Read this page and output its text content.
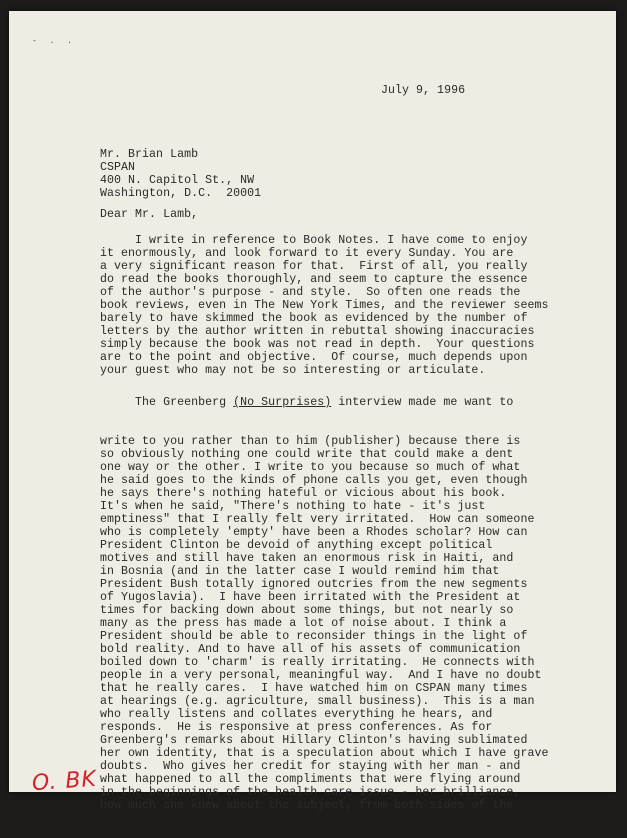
- . .
July 9, 1996
Mr. Brian Lamb
CSPAN
400 N. Capitol St., NW
Washington, D.C.  20001
Dear Mr. Lamb,
I write in reference to Book Notes. I have come to enjoy
it enormously, and look forward to it every Sunday. You are
a very significant reason for that.  First of all, you really
do read the books thoroughly, and seem to capture the essence
of the author's purpose - and style.  So often one reads the
book reviews, even in The New York Times, and the reviewer seems
barely to have skimmed the book as evidenced by the number of
letters by the author written in rebuttal showing inaccuracies
simply because the book was not read in depth.  Your questions
are to the point and objective.  Of course, much depends upon
your guest who may not be so interesting or articulate.

The Greenberg (No Surprises) interview made me want to

write to you rather than to him (publisher) because there is
so obviously nothing one could write that could make a dent
one way or the other. I write to you because so much of what
he said goes to the kinds of phone calls you get, even though
he says there's nothing hateful or vicious about his book.
It's when he said, "There's nothing to hate - it's just
emptiness" that I really felt very irritated.  How can someone
who is completely 'empty' have been a Rhodes scholar? How can
President Clinton be devoid of anything except political
motives and still have taken an enormous risk in Haiti, and
in Bosnia (and in the latter case I would remind him that
President Bush totally ignored outcries from the new segments
of Yugoslavia).  I have been irritated with the President at
times for backing down about some things, but not nearly so
many as the press has made a lot of noise about. I think a
President should be able to reconsider things in the light of
bold reality. And to have all of his assets of communication
boiled down to 'charm' is really irritating.  He connects with
people in a very personal, meaningful way.  And I have no doubt
that he really cares.  I have watched him on CSPAN many times
at hearings (e.g. agriculture, small business).  This is a man
who really listens and collates everything he hears, and
responds.  He is responsive at press conferences. As for
Greenberg's remarks about Hillary Clinton's having sublimated
her own identity, that is a speculation about which I have grave
doubts.  Who gives her credit for staying with her man - and
what happened to all the compliments that were flying around
in the beginnings of the health care issue - her brilliance,
how much she knew about the subject, from both sides of the

O. BK
